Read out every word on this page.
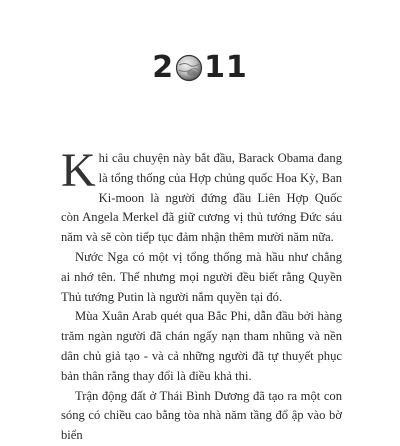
2 11

Khi câu chuyện này bắt đầu, Barack Obama đang là tổng thống của Hợp chủng quốc Hoa Kỳ, Ban Ki-moon là người đứng đầu Liên Hợp Quốc còn Angela Merkel đã giữ cương vị thủ tướng Đức sáu năm và sẽ còn tiếp tục đảm nhận thêm mười năm nữa.

Nước Nga có một vị tổng thống mà hầu như chẳng ai nhớ tên. Thế nhưng mọi người đều biết rằng Quyền Thủ tướng Putin là người nắm quyền tại đó.

Mùa Xuân Arab quét qua Bắc Phi, dẫn đầu bởi hàng trăm ngàn người đã chán ngấy nạn tham nhũng và nền dân chủ giả tạo - và cả những người đã tự thuyết phục bản thân rằng thay đổi là điều khả thi.

Trận động đất ở Thái Bình Dương đã tạo ra một con sóng có chiều cao bằng tòa nhà năm tầng đổ ập vào bờ biển
